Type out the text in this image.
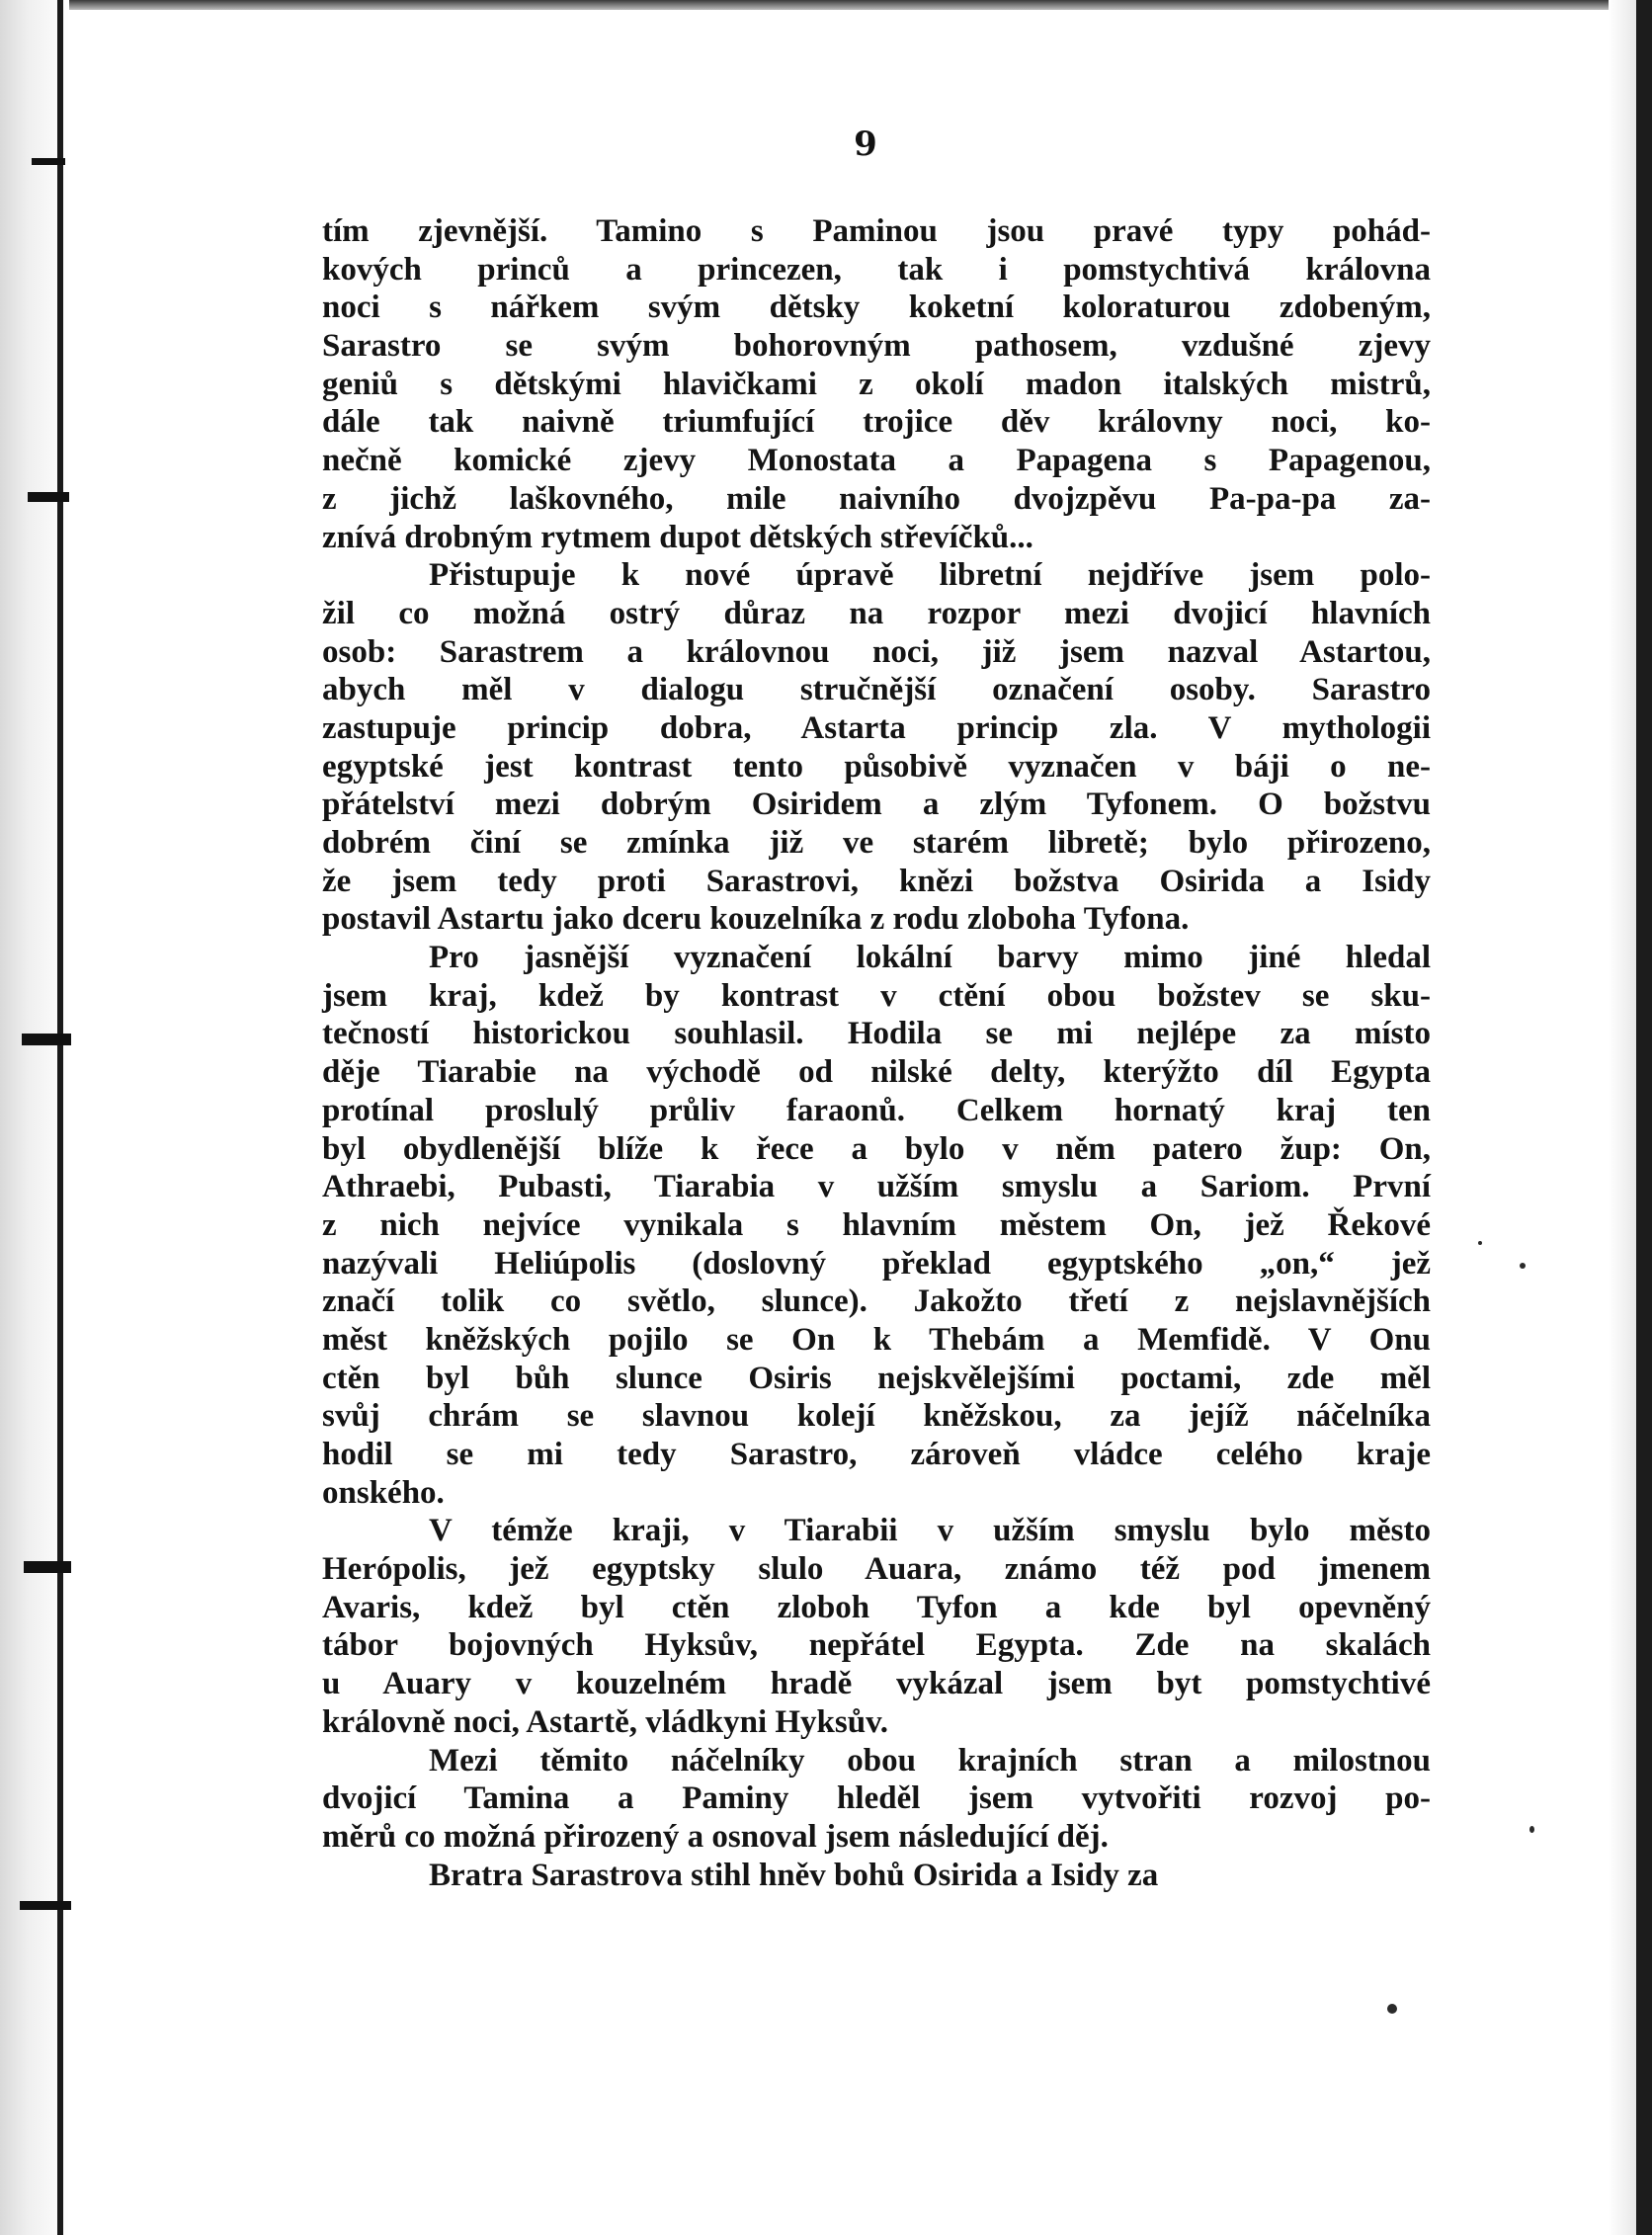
9
tím zjevnější. Tamino s Paminou jsou pravé typy pohád-
kových princů a princezen, tak i pomstychtivá královna
noci s nářkem svým dětsky koketní koloraturou zdobeným,
Sarastro se svým bohorovným pathosem, vzdušné zjevy
geniů s dětskými hlavičkami z okolí madon italských mistrů,
dále tak naivně triumfující trojice děv královny noci, ko-
nečně komické zjevy Monostata a Papagena s Papagenou,
z jichž laškovného, mile naivního dvojzpěvu Pa-pa-pa za-
znívá drobným rytmem dupot dětských střevíčků...
Přistupuje k nové úpravě libretní nejdříve jsem polo-
žil co možná ostrý důraz na rozpor mezi dvojicí hlavních
osob: Sarastrem a královnou noci, již jsem nazval Astartou,
abych měl v dialogu stručnější označení osoby. Sarastro
zastupuje princip dobra, Astarta princip zla. V mythologii
egyptské jest kontrast tento působivě vyznačen v báji o ne-
přátelství mezi dobrým Osiridem a zlým Tyfonem. O božstvu
dobrém činí se zmínka již ve starém libretě; bylo přirozeno,
že jsem tedy proti Sarastrovi, knězi božstva Osirida a Isidy
postavil Astartu jako dceru kouzelníka z rodu zloboha Tyfona.
Pro jasnější vyznačení lokální barvy mimo jiné hledal
jsem kraj, kdež by kontrast v ctění obou božstev se sku-
tečností historickou souhlasil. Hodila se mi nejlépe za místo
děje Tiarabie na východě od nilské delty, kterýžto díl Egypta
protínal proslulý průliv faraonů. Celkem hornatý kraj ten
byl obydlenější blíže k řece a bylo v něm patero žup: On,
Athraebi, Pubasti, Tiarabia v užším smyslu a Sariom. První
z nich nejvíce vynikala s hlavním městem On, jež Řekové
nazývali Heliúpolis (doslovný překlad egyptského „on,“ jež
značí tolik co světlo, slunce). Jakožto třetí z nejslavnějších
měst kněžských pojilo se On k Thebám a Memfidě. V Onu
ctěn byl bůh slunce Osiris nejskvělejšími poctami, zde měl
svůj chrám se slavnou kolejí kněžskou, za jejíž náčelníka
hodil se mi tedy Sarastro, zároveň vládce celého kraje
onského.
V témže kraji, v Tiarabii v užším smyslu bylo město
Herópolis, jež egyptsky slulo Auara, známo též pod jmenem
Avaris, kdež byl ctěn zloboh Tyfon a kde byl opevněný
tábor bojovných Hyksův, nepřátel Egypta. Zde na skalách
u Auary v kouzelném hradě vykázal jsem byt pomstychtivé
královně noci, Astartě, vládkyni Hyksův.
Mezi těmito náčelníky obou krajních stran a milostnou
dvojicí Tamina a Paminy hleděl jsem vytvořiti rozvoj po-
měrů co možná přirozený a osnoval jsem následující děj.
Bratra Sarastrova stihl hněv bohů Osirida a Isidy za
